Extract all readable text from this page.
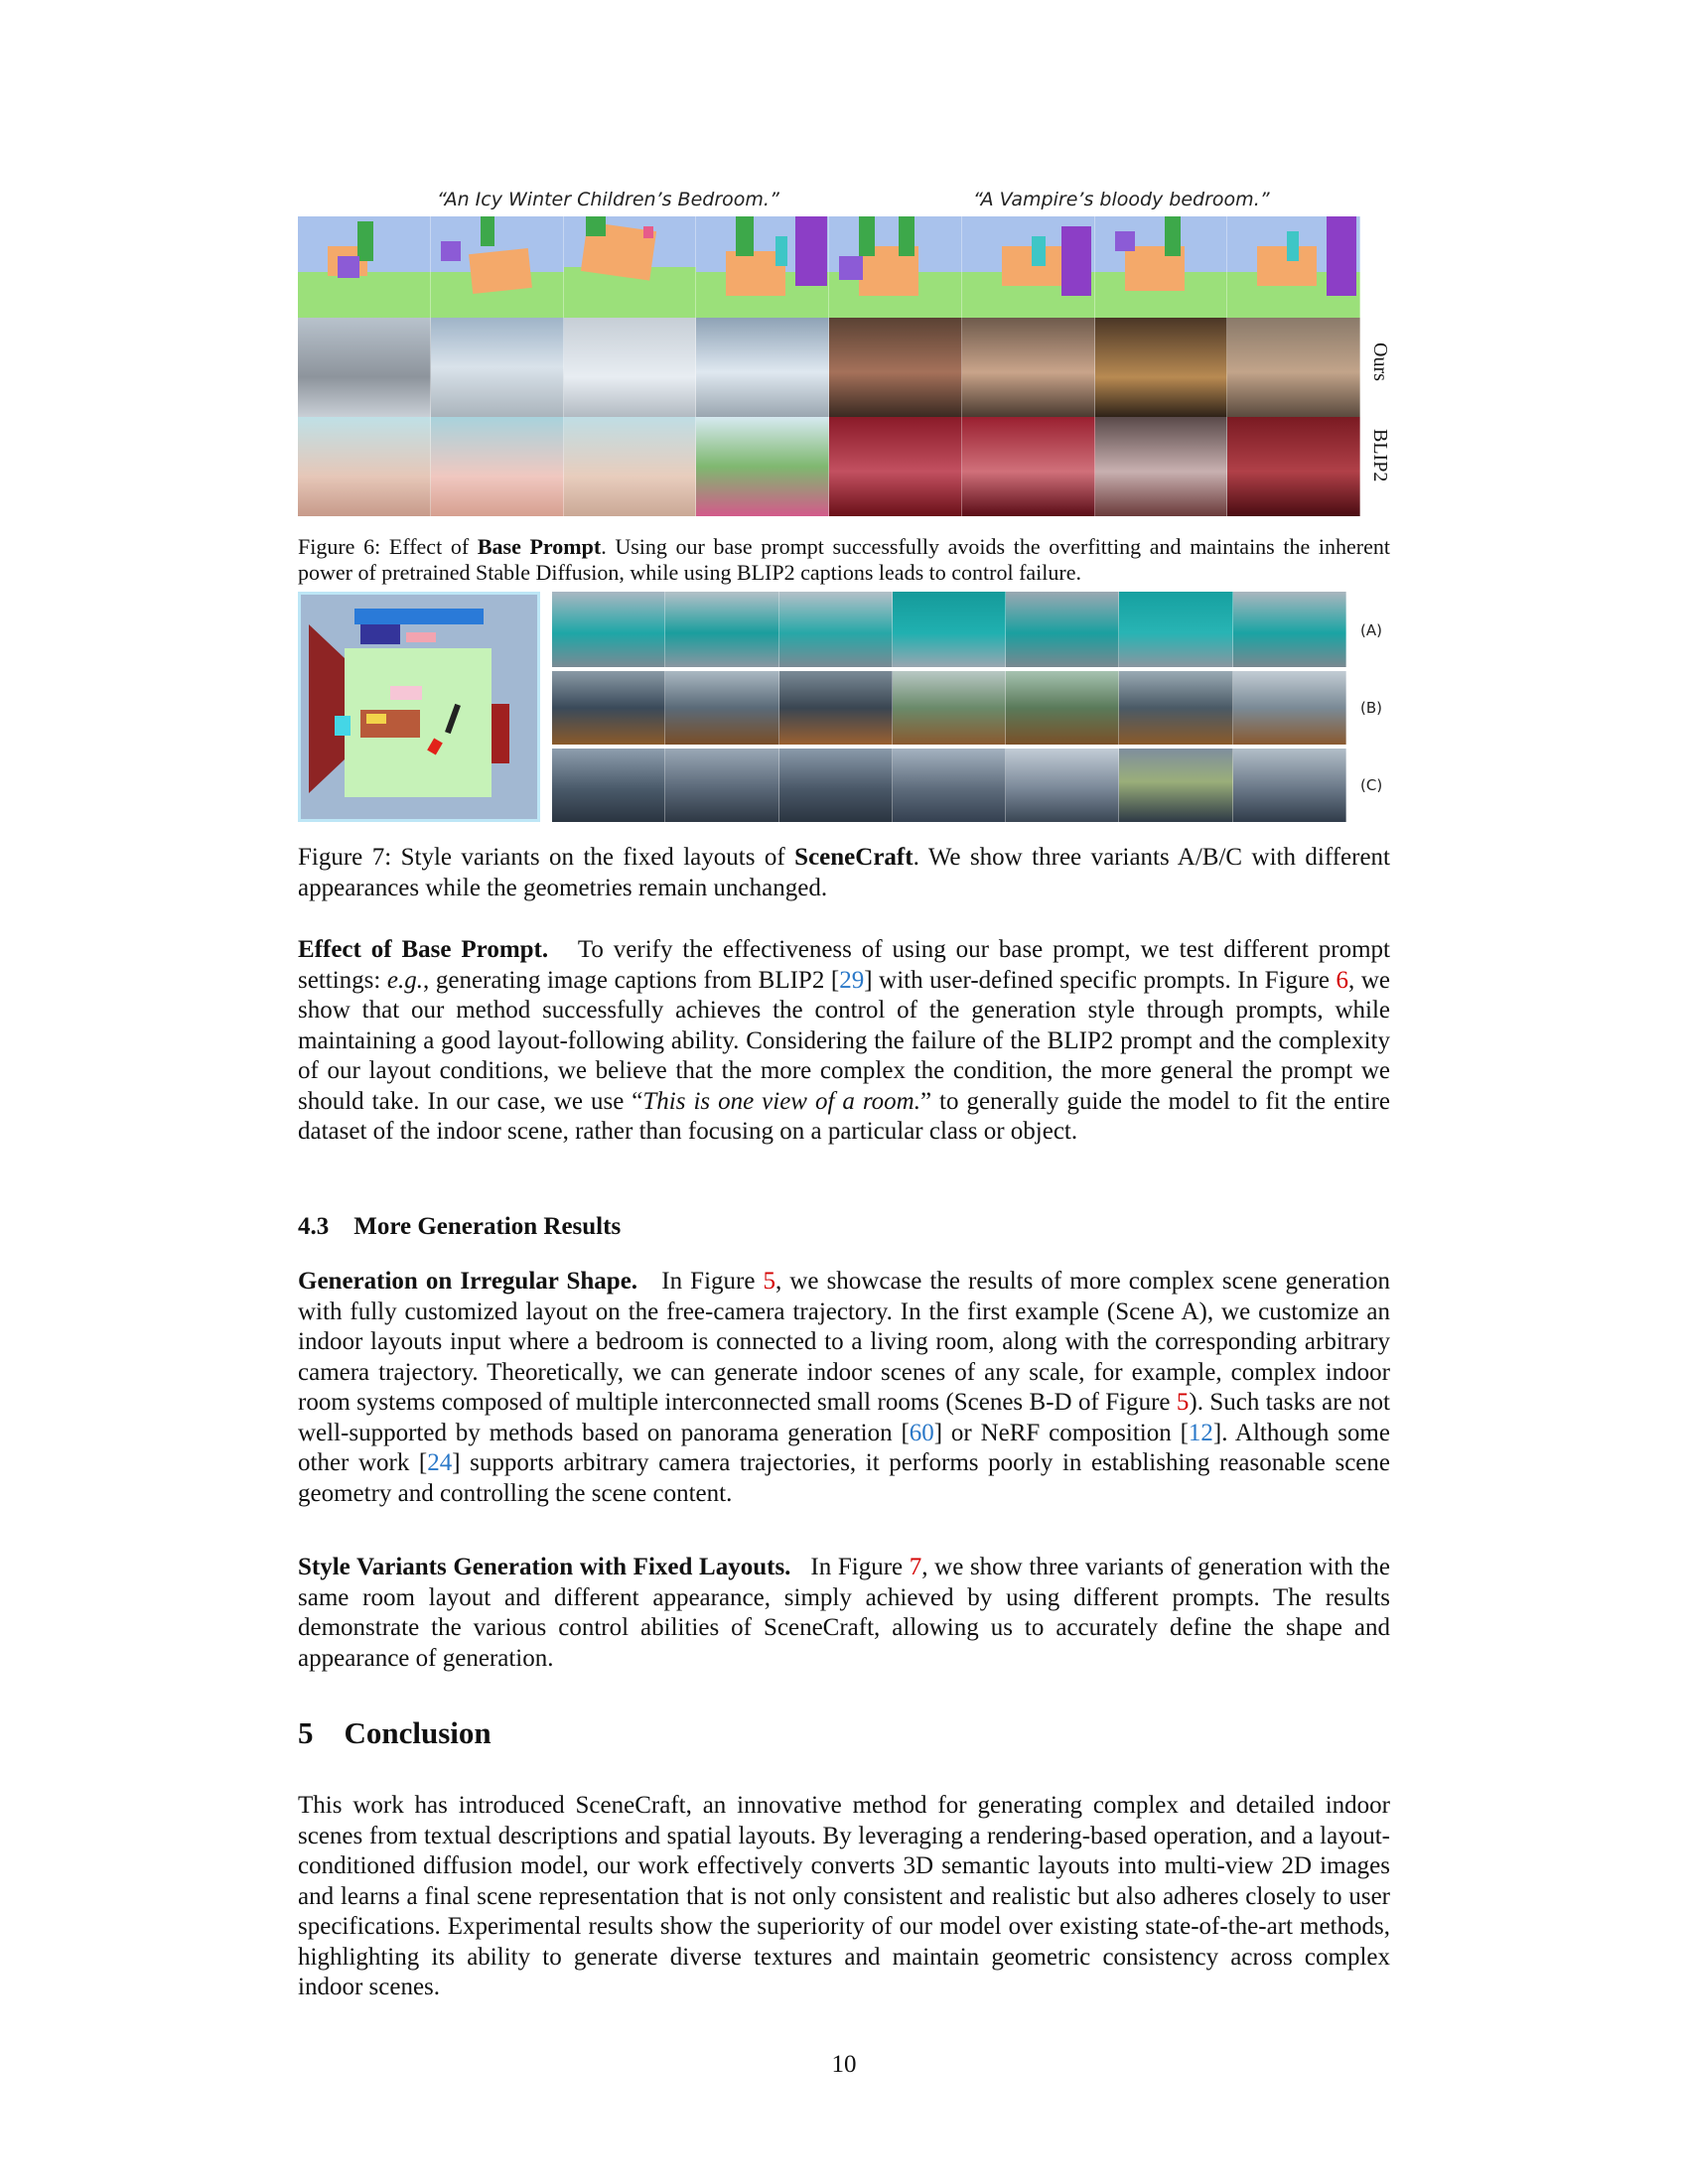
“An Icy Winter Children’s Bedroom.”	“A Vampire’s bloody bedroom.”
Ours
BLIP2
Figure 6: Effect of Base Prompt. Using our base prompt successfully avoids the overfitting and maintains the inherent power of pretrained Stable Diffusion, while using BLIP2 captions leads to control failure.
(A)
(B)
(C)
Figure 7: Style variants on the fixed layouts of SceneCraft. We show three variants A/B/C with different appearances while the geometries remain unchanged.
Effect of Base Prompt. To verify the effectiveness of using our base prompt, we test different prompt settings: e.g., generating image captions from BLIP2 [29] with user-defined specific prompts. In Figure 6, we show that our method successfully achieves the control of the generation style through prompts, while maintaining a good layout-following ability. Considering the failure of the BLIP2 prompt and the complexity of our layout conditions, we believe that the more complex the condition, the more general the prompt we should take. In our case, we use “This is one view of a room.” to generally guide the model to fit the entire dataset of the indoor scene, rather than focusing on a particular class or object.
4.3 More Generation Results
Generation on Irregular Shape. In Figure 5, we showcase the results of more complex scene generation with fully customized layout on the free-camera trajectory. In the first example (Scene A), we customize an indoor layouts input where a bedroom is connected to a living room, along with the corresponding arbitrary camera trajectory. Theoretically, we can generate indoor scenes of any scale, for example, complex indoor room systems composed of multiple interconnected small rooms (Scenes B-D of Figure 5). Such tasks are not well-supported by methods based on panorama generation [60] or NeRF composition [12]. Although some other work [24] supports arbitrary camera trajectories, it performs poorly in establishing reasonable scene geometry and controlling the scene content.
Style Variants Generation with Fixed Layouts. In Figure 7, we show three variants of generation with the same room layout and different appearance, simply achieved by using different prompts. The results demonstrate the various control abilities of SceneCraft, allowing us to accurately define the shape and appearance of generation.
5 Conclusion
This work has introduced SceneCraft, an innovative method for generating complex and detailed indoor scenes from textual descriptions and spatial layouts. By leveraging a rendering-based operation, and a layout-conditioned diffusion model, our work effectively converts 3D semantic layouts into multi-view 2D images and learns a final scene representation that is not only consistent and realistic but also adheres closely to user specifications. Experimental results show the superiority of our model over existing state-of-the-art methods, highlighting its ability to generate diverse textures and maintain geometric consistency across complex indoor scenes.
10
